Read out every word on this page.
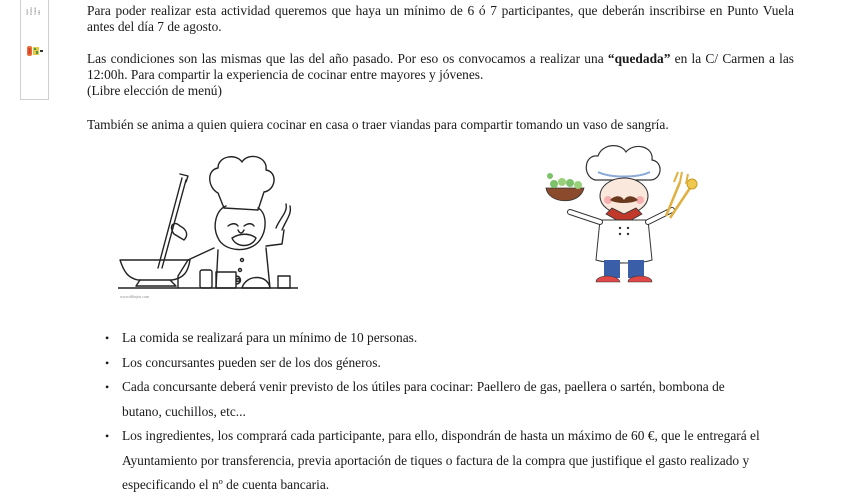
Ayto. Punto Vuela Info	Para poder realizar esta actividad queremos que haya un mínimo de 6 ó 7 participantes, que deberán inscribirse en Punto Vuela antes del día 7 de agosto.

Las condiciones son las mismas que las del año pasado. Por eso os convocamos a realizar una “quedada” en la C/ Carmen a las 12:00h. Para compartir la experiencia de cocinar entre mayores y jóvenes.
(Libre elección de menú)

También se anima a quien quiera cocinar en casa o traer viandas para compartir tomando un vaso de sangría.

www.dibujos.com
• La comida se realizará para un mínimo de 10 personas.
• Los concursantes pueden ser de los dos géneros.
• Cada concursante deberá venir previsto de los útiles para cocinar: Paellero de gas, paellera o sartén, bombona de butano, cuchillos, etc...
• Los ingredientes, los comprará cada participante, para ello, dispondrán de hasta un máximo de 60 €, que le entregará el Ayuntamiento por transferencia, previa aportación de tiques o factura de la compra que justifique el gasto realizado y especificando el nº de cuenta bancaria.
